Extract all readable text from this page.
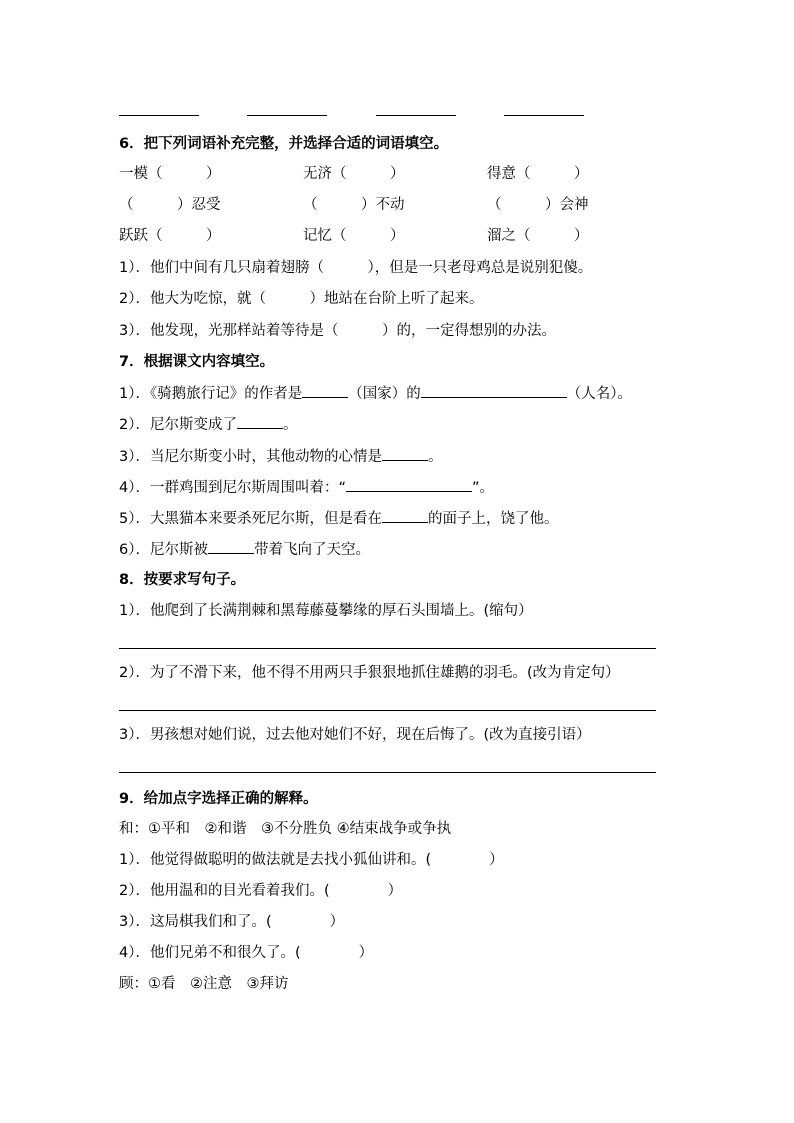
6．把下列词语补充完整，并选择合适的词语填空。
一模（　　　）	无济（　　　）	得意（　　　）
（　　　）忍受	（　　　）不动	（　　　）会神
跃跃（　　　）	记忆（　　　）	溜之（　　　）
1）．他们中间有几只扇着翅膀（　　　），但是一只老母鸡总是说别犯傻。
2）．他大为吃惊，就（　　　）地站在台阶上听了起来。
3）．他发现，光那样站着等待是（　　　）的，一定得想别的办法。
7．根据课文内容填空。
1）．《骑鹅旅行记》的作者是	（国家）的	（人名）。
2）．尼尔斯变成了	。
3）．当尼尔斯变小时，其他动物的心情是	。
4）．一群鸡围到尼尔斯周围叫着：“	”。
5）．大黑猫本来要杀死尼尔斯，但是看在	的面子上，饶了他。
6）．尼尔斯被	带着飞向了天空。
8．按要求写句子。
1）．他爬到了长满荆棘和黑莓藤蔓攀缘的厚石头围墙上。(缩句）
2）．为了不滑下来，他不得不用两只手狠狠地抓住雄鹅的羽毛。(改为肯定句）
3）．男孩想对她们说，过去他对她们不好，现在后悔了。(改为直接引语）
9．给加点字选择正确的解释。
和：①平和　②和谐　③不分胜负 ④结束战争或争执
1）．他觉得做聪明的做法就是去找小狐仙讲和。(　　　　）
2）．他用温和的目光看着我们。(　　　　）
3）．这局棋我们和了。(　　　　）
4）．他们兄弟不和很久了。(　　　　）
顾：①看　②注意　③拜访
